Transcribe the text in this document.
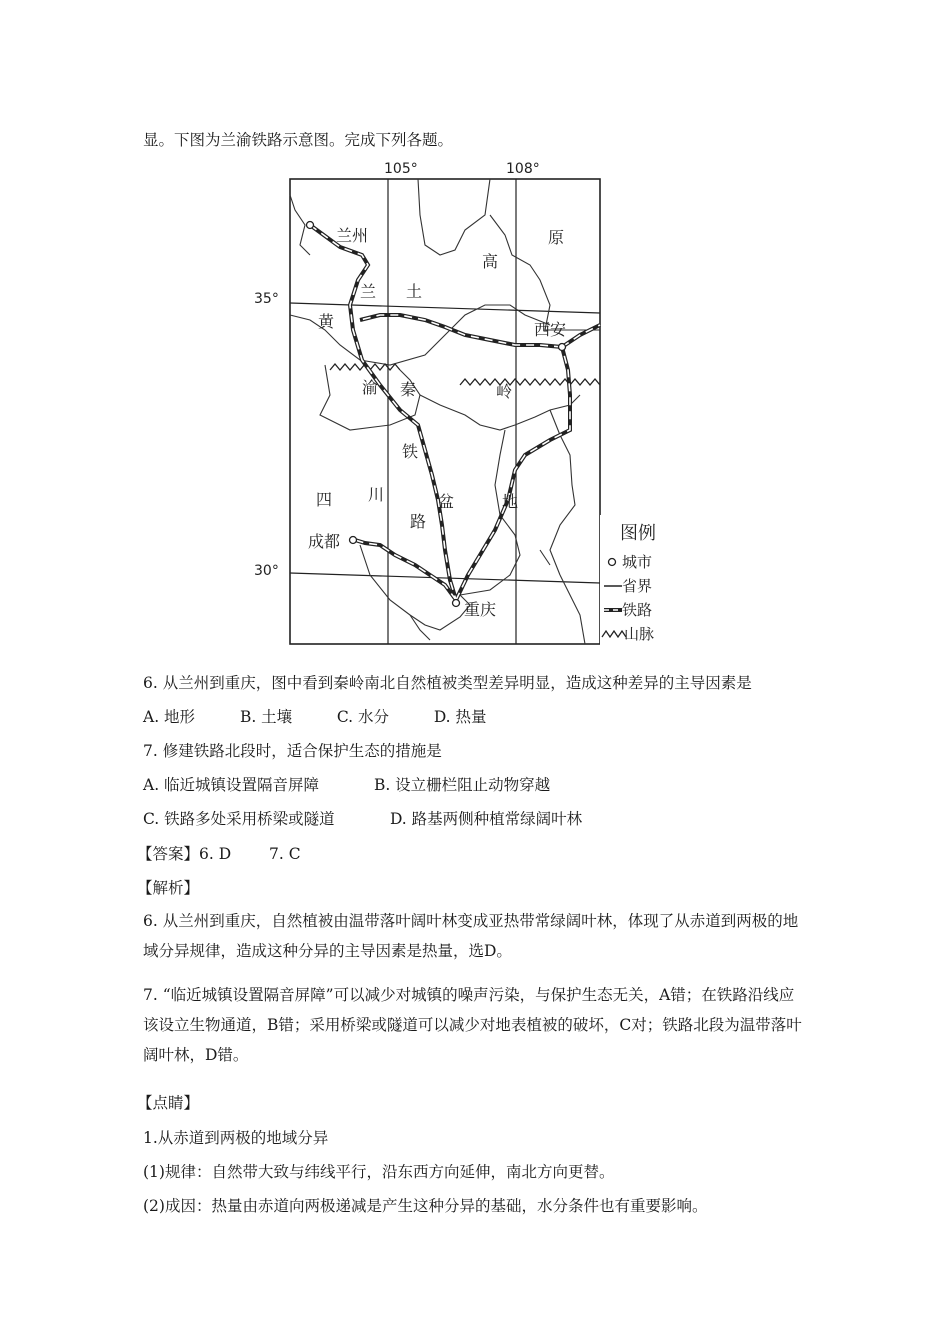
显。下图为兰渝铁路示意图。完成下列各题。
105°	108°
35°
30°
兰州
西安
成都
重庆
黄
土
高
原
兰
渝
铁
路
秦	岭
四 川	盆	地
图例
城市
省界
铁路
山脉
6. 从兰州到重庆，图中看到秦岭南北自然植被类型差异明显，造成这种差异的主导因素是
A. 地形	B. 土壤	C. 水分	D. 热量
7. 修建铁路北段时，适合保护生态的措施是
A. 临近城镇设置隔音屏障	B. 设立栅栏阻止动物穿越
C. 铁路多处采用桥梁或隧道	D. 路基两侧种植常绿阔叶林
【答案】6. D 7. C
【解析】
6. 从兰州到重庆，自然植被由温带落叶阔叶林变成亚热带常绿阔叶林，体现了从赤道到两极的地域分异规律，造成这种分异的主导因素是热量，选D。
7. “临近城镇设置隔音屏障”可以减少对城镇的噪声污染，与保护生态无关，A错；在铁路沿线应该设立生物通道，B错；采用桥梁或隧道可以减少对地表植被的破坏，C对；铁路北段为温带落叶阔叶林，D错。
【点睛】
1.从赤道到两极的地域分异
(1)规律：自然带大致与纬线平行，沿东西方向延伸，南北方向更替。
(2)成因：热量由赤道向两极递减是产生这种分异的基础，水分条件也有重要影响。
